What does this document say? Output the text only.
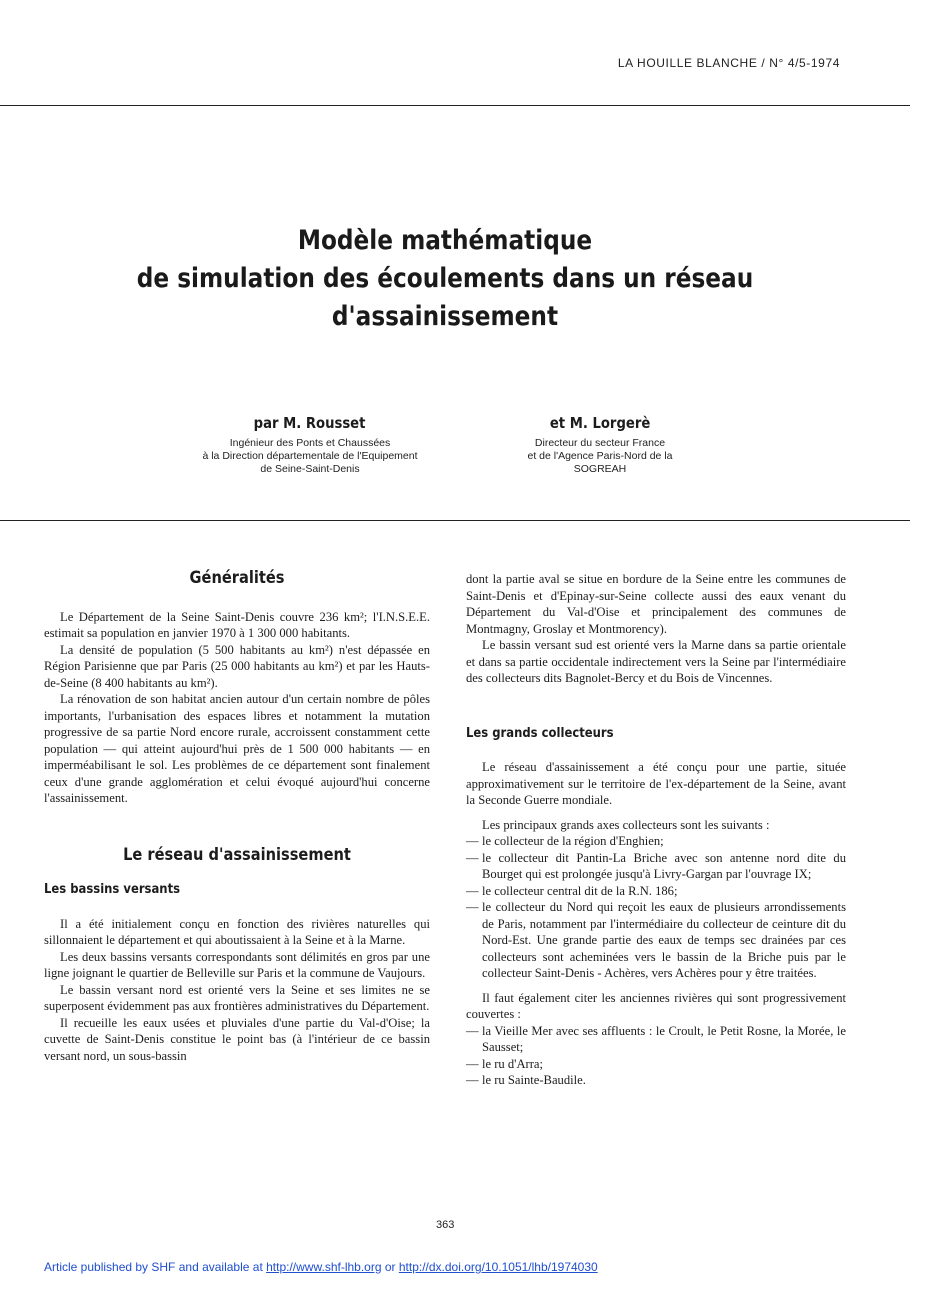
LA HOUILLE BLANCHE / N° 4/5-1974
Modèle mathématique
de simulation des écoulements dans un réseau
d'assainissement
par M. Rousset
Ingénieur des Ponts et Chaussées
à la Direction départementale de l'Equipement
de Seine-Saint-Denis
et M. Lorgerè
Directeur du secteur France
et de l'Agence Paris-Nord de la
SOGREAH
Généralités

Le Département de la Seine Saint-Denis couvre 236 km²; l'I.N.S.E.E. estimait sa population en janvier 1970 à 1 300 000 habitants.

La densité de population (5 500 habitants au km²) n'est dépassée en Région Parisienne que par Paris (25 000 habitants au km²) et par les Hauts-de-Seine (8 400 habitants au km²).

La rénovation de son habitat ancien autour d'un certain nombre de pôles importants, l'urbanisation des espaces libres et notamment la mutation progressive de sa partie Nord encore rurale, accroissent constamment cette population — qui atteint aujourd'hui près de 1 500 000 habitants — en imperméabilisant le sol. Les problèmes de ce département sont finalement ceux d'une grande agglomération et celui évoqué aujourd'hui concerne l'assainissement.

Le réseau d'assainissement
Les bassins versants

Il a été initialement conçu en fonction des rivières naturelles qui sillonnaient le département et qui aboutissaient à la Seine et à la Marne.

Les deux bassins versants correspondants sont délimités en gros par une ligne joignant le quartier de Belleville sur Paris et la commune de Vaujours.

Le bassin versant nord est orienté vers la Seine et ses limites ne se superposent évidemment pas aux frontières administratives du Département.

Il recueille les eaux usées et pluviales d'une partie du Val-d'Oise; la cuvette de Saint-Denis constitue le point bas (à l'intérieur de ce bassin versant nord, un sous-bassin

dont la partie aval se situe en bordure de la Seine entre les communes de Saint-Denis et d'Epinay-sur-Seine collecte aussi des eaux venant du Département du Val-d'Oise et principalement des communes de Montmagny, Groslay et Montmorency).

Le bassin versant sud est orienté vers la Marne dans sa partie orientale et dans sa partie occidentale indirectement vers la Seine par l'intermédiaire des collecteurs dits Bagnolet-Bercy et du Bois de Vincennes.

Les grands collecteurs

Le réseau d'assainissement a été conçu pour une partie, située approximativement sur le territoire de l'ex-département de la Seine, avant la Seconde Guerre mondiale.

Les principaux grands axes collecteurs sont les suivants :

— le collecteur de la région d'Enghien;
— le collecteur dit Pantin-La Briche avec son antenne nord dite du Bourget qui est prolongée jusqu'à Livry-Gargan par l'ouvrage IX;
— le collecteur central dit de la R.N. 186;
— le collecteur du Nord qui reçoit les eaux de plusieurs arrondissements de Paris, notamment par l'intermédiaire du collecteur de ceinture dit du Nord-Est. Une grande partie des eaux de temps sec drainées par ces collecteurs sont acheminées vers le bassin de la Briche puis par le collecteur Saint-Denis - Achères, vers Achères pour y être traitées.

Il faut également citer les anciennes rivières qui sont progressivement couvertes :

— la Vieille Mer avec ses affluents : le Croult, le Petit Rosne, la Morée, le Sausset;
— le ru d'Arra;
— le ru Sainte-Baudile.
363
Article published by SHF and available at http://www.shf-lhb.org or http://dx.doi.org/10.1051/lhb/1974030
